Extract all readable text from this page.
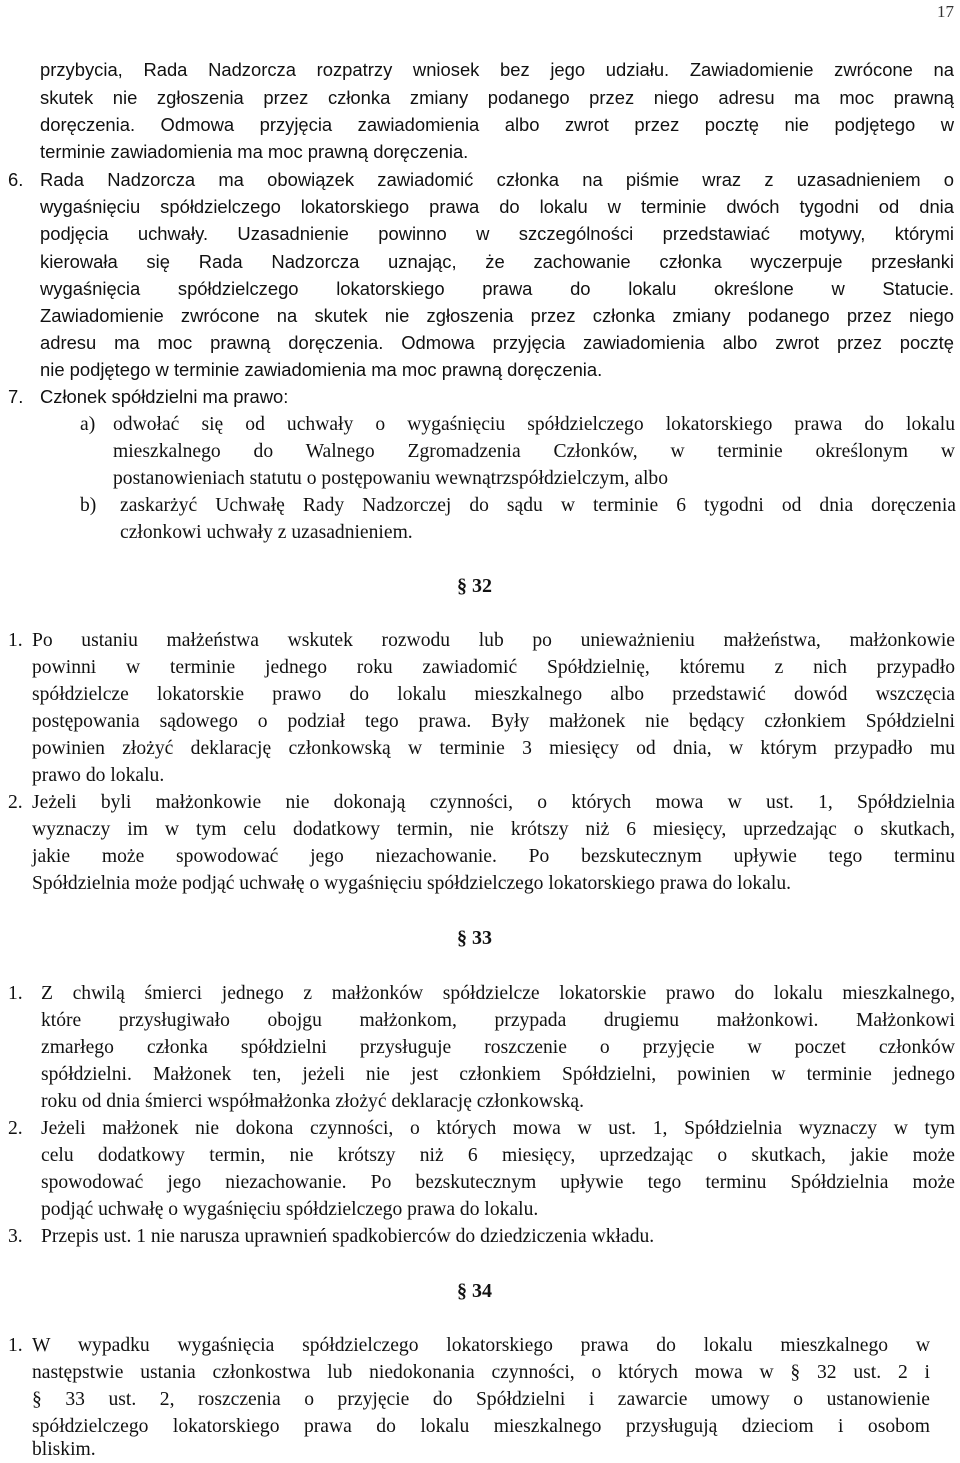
17
przybycia, Rada Nadzorcza rozpatrzy wniosek bez jego udziału. Zawiadomienie zwrócone na
skutek nie zgłoszenia przez członka zmiany podanego przez niego adresu ma moc prawną
doręczenia. Odmowa przyjęcia zawiadomienia albo zwrot przez pocztę nie podjętego w
terminie zawiadomienia ma moc prawną doręczenia.
6. Rada Nadzorcza ma obowiązek zawiadomić członka na piśmie wraz z uzasadnieniem o
wygaśnięciu spółdzielczego lokatorskiego prawa do lokalu w terminie dwóch tygodni od dnia
podjęcia uchwały. Uzasadnienie powinno w szczególności przedstawiać motywy, którymi
kierowała się Rada Nadzorcza uznając, że zachowanie członka wyczerpuje przesłanki
wygaśnięcia spółdzielczego lokatorskiego prawa do lokalu określone w Statucie.
Zawiadomienie zwrócone na skutek nie zgłoszenia przez członka zmiany podanego przez niego
adresu ma moc prawną doręczenia. Odmowa przyjęcia zawiadomienia albo zwrot przez pocztę
nie podjętego w terminie zawiadomienia ma moc prawną doręczenia.
7. Członek spółdzielni ma prawo:
a) odwołać się od uchwały o wygaśnięciu spółdzielczego lokatorskiego prawa do lokalu
mieszkalnego do Walnego Zgromadzenia Członków, w terminie określonym w
postanowieniach statutu o postępowaniu wewnątrzspółdzielczym, albo
b) zaskarżyć Uchwałę Rady Nadzorczej do sądu w terminie 6 tygodni od dnia doręczenia
członkowi uchwały z uzasadnieniem.
§ 32
1. Po ustaniu małżeństwa wskutek rozwodu lub po unieważnieniu małżeństwa, małżonkowie
powinni w terminie jednego roku zawiadomić Spółdzielnię, któremu z nich przypadło
spółdzielcze lokatorskie prawo do lokalu mieszkalnego albo przedstawić dowód wszczęcia
postępowania sądowego o podział tego prawa. Były małżonek nie będący członkiem Spółdzielni
powinien złożyć deklarację członkowską w terminie 3 miesięcy od dnia, w którym przypadło mu
prawo do lokalu.
2. Jeżeli byli małżonkowie nie dokonają czynności, o których mowa w ust. 1, Spółdzielnia
wyznaczy im w tym celu dodatkowy termin, nie krótszy niż 6 miesięcy, uprzedzając o skutkach,
jakie może spowodować jego niezachowanie. Po bezskutecznym upływie tego terminu
Spółdzielnia może podjąć uchwałę o wygaśnięciu spółdzielczego lokatorskiego prawa do lokalu.
§ 33
1. Z chwilą śmierci jednego z małżonków spółdzielcze lokatorskie prawo do lokalu mieszkalnego,
które przysługiwało obojgu małżonkom, przypada drugiemu małżonkowi. Małżonkowi
zmarłego członka spółdzielni przysługuje roszczenie o przyjęcie w poczet członków
spółdzielni. Małżonek ten, jeżeli nie jest członkiem Spółdzielni, powinien w terminie jednego
roku od dnia śmierci współmałżonka złożyć deklarację członkowską.
2. Jeżeli małżonek nie dokona czynności, o których mowa w ust. 1, Spółdzielnia wyznaczy w tym
celu dodatkowy termin, nie krótszy niż 6 miesięcy, uprzedzając o skutkach, jakie może
spowodować jego niezachowanie. Po bezskutecznym upływie tego terminu Spółdzielnia może
podjąć uchwałę o wygaśnięciu spółdzielczego prawa do lokalu.
3. Przepis ust. 1 nie narusza uprawnień spadkobierców do dziedziczenia wkładu.
§ 34
1. W wypadku wygaśnięcia spółdzielczego lokatorskiego prawa do lokalu mieszkalnego w
następstwie ustania członkostwa lub niedokonania czynności, o których mowa w § 32 ust. 2 i
§ 33 ust. 2, roszczenia o przyjęcie do Spółdzielni i zawarcie umowy o ustanowienie
spółdzielczego lokatorskiego prawa do lokalu mieszkalnego przysługują dzieciom i osobom
bliskim.
